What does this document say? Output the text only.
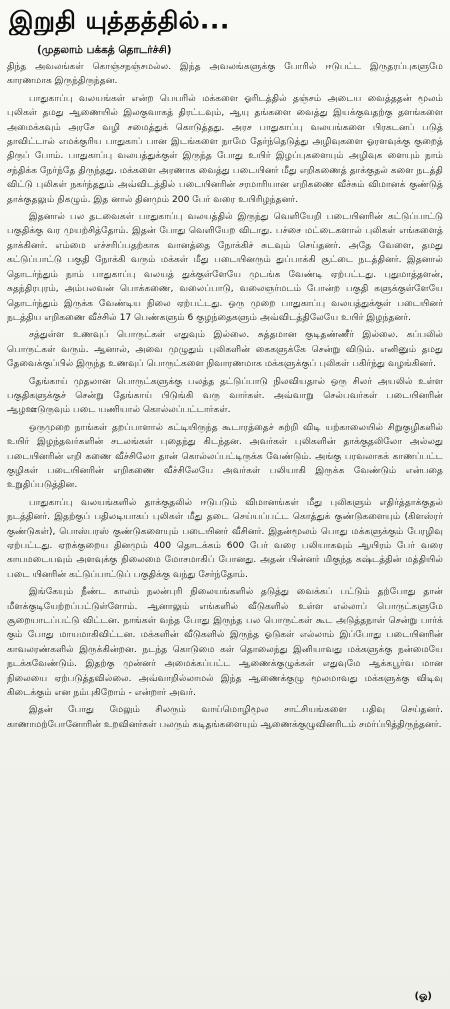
இறுதி யுத்தத்தில்...
(முதலாம் பக்கத் தொடர்ச்சி)

திந்த அவலங்கள் கொஞ்சநஞ்சமல்ல. இந்த அவலங்களுக்கு போரில் ஈடுபட்ட இருதரப்புகளுமே காரணமாக இருந்திருந்தன.

பாதுகாப்பு வலயங்கள் என்ற பெயரில் மக்களை ஓரிடத்தில் தஞ்சம் அடைய வைத்ததன் மூலம் புலிகள் தமது ஆணையில் இலகுவாகத் திரட்டவும், ஆயு தங்களை வைத்து இயக்குவதற்கு தளங்களை அமைக்கவும் அரசே வழி சமைத்துக் கொடுத்தது. அரச பாதுகாப்பு வலயங்களை பிரகடனப் படுத் தாவிட்டால் எமக்குரிய பாதுகாப் பான இடங்களை நாமே தேர்ந்தெடுத்து அழிவுகளை ஓரளவுக்கு குறைத் திருப் போம். பாதுகாப்பு வலயத்துக்குள் இருந்த போது உயிர் இழப்புகளையும் அழிவுக ளையும் நாம் சந்திக்க நேர்ந்தே திருந்தது. மக்களை அரணாக வைத்து படையினர் மீது எறிகணைத் தாக்குதல் களை நடத்தி விட்டு புலிகள் நகர்ந்ததும் அவ்விடத்தில் படையினரின் சரமாரியான எறிகணை வீச்சும் விமானக் குண்டுத் தாக்குதலும் நிகழும். இத னால் தினமும் 200 பேர் வரை உயிரிழந்தனர்.

இதனால் பல தடவைகள் பாதுகாப்பு வலயத்தில் இருந்து வெளியேறி படையினரின் கட்டுப்பாட்டு பகுதிக்கு வர முயற்சித்தோம். இதன் போது வெளியேற விடாது. பச்சை மட்டைகளால் புலிகள் எங்களைத் தாக்கினர். எம்மை எச்சரிப்பதற்காக வானத்தை நோக்கிச் சுடவும் செய்தனர். அதே வேளை, தமது கட்டுப்பாட்டு பகுதி நோக்கி வரும் மக்கள் மீது படையினரும் துப்பாக்கி சூட்டை நடத்தினர். இதனால் தொடர்ந்தும் நாம் பாதுகாப்பு வலயத் துக்குள்ளேயே முடங்க வேண்டி ஏற்பட்டது. புதுமாத்தளன், சுதந்திரபுரம், அம்பலவன் பொக்கணை, வலைப்பாடு, வலைஞர்மடம் போன்ற பகுதி களுக்குள்ளேயே தொடர்ந்தும் இருக்க வேண்டிய நிலை ஏற்பட்டது. ஒரு முறை பாதுகாப்பு வலயத்துக்குள் படையினர் நடத்திய எறிகணை வீச்சில் 17 பெண்களும் 6 குழந்தைகளும் அவ்விடத்திலேயே உயிர் இழந்தனர்.

சத்துள்ள உணவுப் பொருட்கள் எதுவும் இல்லை. சுத்தமான குடிதண்ணீர் இல்லை. கப்பலில் பொருட்கள் வரும். ஆனால், அவை முழுதும் புலிகளின் கைகளுக்கே சென்று விடும். எனினும் தமது தேவைக்குப்பில் இருந்த உணவுப் பொருட்களை நிவாரணமாக மக்களுக்குப் புலிகள் பகிர்ந்து வழங்கினர்.

தேங்காய் முதலான பொருட்களுக்கு பலத்த தட்டுப்பாடு நிலவியதால் ஒரு சிலர் அயலில் உள்ள பகுதிகளுக்குச் சென்று தேங்காய் பிடுங்கி வரு வார்கள். அவ்வாறு செல்பவர்கள் படையினரின் ஆழஊடுருவும் படை யணியால் கொல்லப்பட்டார்கள்.

ஒருமுறை நாங்கள் தறப்பாளால் கட்டியிருந்த கூடாரத்தைச் சுற்றி விடி யற்காலையில் சிறுகுழிகளில் உயிர் இழந்தவர்களின் சடலங்கள் புதைந்து கிடந்தன. அவர்கள் புலிகளின் தாக்குதலிலோ அல்லது படையினரின் எறி கணை வீச்சிலோ தான் கொல்லப்பட்டிருக்க வேண்டும். அங்கு பரவலாகக் காணப்பட்ட குழிகள் படையினரின் எறிகணை வீச்சிலேயே அவர்கள் பலியாகி இருக்க வேண்டும் என்பதை உறுதிப்படுத்தின.

பாதுகாப்பு வலயங்களில் தாக்குதலில் ஈடுபடும் விமானங்கள் மீது புலிகளும் எதிர்த்தாக்குதல் நடத்தினர். இதற்குப் பதிலடியாகப் புலிகள் மீது தடை செய்யப்பட்ட கொத்துக் குண்டுகளையும் (கிளஸ்ரர் குண்டுகள்), பொஸ்பரஸ் குண்டுகளையும் படையினர் வீசினர். இதன்மூலம் பொது மக்களுக்கும் பேரழிவு ஏற்பட்டது. ஏறக்குறைய தினமும் 400 தொடக்கம் 600 பேர் வரை பலியாகவும் ஆயிரம் பேர் வரை காயமடையவும் அளவுக்கு நிலைமை மோசமாகிப் போனது. அதன் பின்னர் மிகுந்த கஷ்டத்தின் மத்தியில் படை யினரின் கட்டுப்பாட்டுப் பகுதிக்கு வந்து சேர்ந்தோம்.

இங்கேயும் நீண்ட காலம் நலன்புரி நிலையங்களில் தடுத்து வைக்கப் பட்டும் தற்போது தான் மீளக்குடியேற்றப்பட்டுள்ளோம். ஆனாலும் எங்களில் வீடுகளில் உள்ள எல்லாப் பொருட்களுமே சூறையாடப்பட்டு விட்டன. நாங்கள் வந்த போது இருந்த பல பொருட்கள் கூட அடுத்தநாள் சென்று பார்க் கும் போது மாயமாகிவிட்டன. மக்களின் வீடுகளில் இருந்த ஓடுகள் எல்லாம் இப்போது படையினரின் காவலரண்களில் இருக்கின்றன. நடந்த கொடுமை கள் தொலைந்து இனியாவது மக்களுக்கு நன்மையே நடக்கவேண்டும். இதற்கு முன்னர் அமைக்கப்பட்ட ஆணைக்குழுக்கள் எதுவுமே ஆக்கபூர்வ மான நிலையை ஏற்படுத்தவில்லை. அவ்வாறில்லாமல் இந்த ஆணைக்குழு மூலமாவது மக்களுக்கு விடிவு கிடைக்கும் என நம்புகிறோம் - என்றார் அவர்.

இதன் போது மேலும் சிலரும் வாய்மொழிமூல சாட்சியங்களை பதிவு செய்தனர். காணாமற்போனோரின் உறவினர்கள் பலரும் கடிதங்களையும் ஆணைக்குழுவினரிடம் சமர்ப்பித்திருந்தனர்.

(ஓ)
